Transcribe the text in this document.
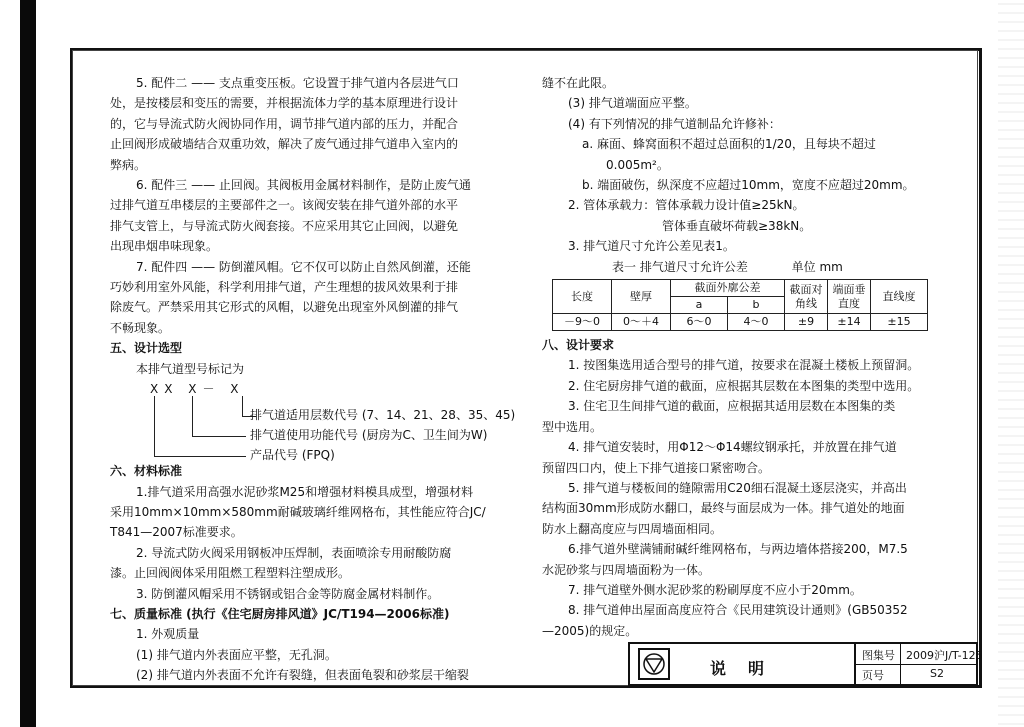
5. 配件二 —— 支点重变压板。它设置于排气道内各层进气口

处，是按楼层和变压的需要，并根据流体力学的基本原理进行设计

的，它与导流式防火阀协同作用，调节排气道内部的压力，并配合

止回阀形成破墙结合双重功效，解决了废气通过排气道串入室内的

弊病。

6. 配件三 —— 止回阀。其阀板用金属材料制作，是防止废气通

过排气道互串楼层的主要部件之一。该阀安装在排气道外部的水平

排气支管上，与导流式防火阀套接。不应采用其它止回阀，以避免

出现串烟串味现象。

7. 配件四 —— 防倒灌风帽。它不仅可以防止自然风倒灌，还能

巧妙利用室外风能，科学利用排气道，产生理想的拔风效果利于排

除废气。严禁采用其它形式的风帽，以避免出现室外风倒灌的排气

不畅现象。

五、设计选型

本排气道型号标记为

XX X－ X
排气道适用层数代号 (7、14、21、28、35、45)
排气道使用功能代号 (厨房为C、卫生间为W)
产品代号 (FPQ)

六、材料标准

1.排气道采用高强水泥砂浆M25和增强材料模具成型，增强材料

采用10mm×10mm×580mm耐碱玻璃纤维网格布，其性能应符合JC/

T841—2007标准要求。

2. 导流式防火阀采用钢板冲压焊制，表面喷涂专用耐酸防腐

漆。止回阀阀体采用阻燃工程塑料注塑成形。

3. 防倒灌风帽采用不锈钢或铝合金等防腐金属材料制作。

七、质量标准 (执行《住宅厨房排风道》JC/T194—2006标准)

1. 外观质量

(1) 排气道内外表面应平整，无孔洞。

(2) 排气道内外表面不允许有裂缝，但表面龟裂和砂浆层干缩裂

缝不在此限。

(3) 排气道端面应平整。

(4) 有下列情况的排气道制品允许修补：

a. 麻面、蜂窝面积不超过总面积的1/20，且每块不超过

0.005m²。

b. 端面破伤，纵深度不应超过10mm，宽度不应超过20mm。

2. 管体承载力：管体承载力设计值≥25kN。

管体垂直破坏荷载≥38kN。

3. 排气道尺寸允许公差见表1。

表一 排气道尺寸允许公差	单位 mm

长度	壁厚	截面外廓公差		截面对角线	端面垂直度	直线度
		a	b			
－9～0	0～＋4	6～0	4～0	±9	±14	±15

八、设计要求

1. 按图集选用适合型号的排气道，按要求在混凝土楼板上预留洞。

2. 住宅厨房排气道的截面，应根据其层数在本图集的类型中选用。

3. 住宅卫生间排气道的截面，应根据其适用层数在本图集的类

型中选用。

4. 排气道安装时，用Φ12～Φ14螺纹钢承托，并放置在排气道

预留四口内，使上下排气道接口紧密吻合。

5. 排气道与楼板间的缝隙需用C20细石混凝土逐层浇实，并高出

结构面30mm形成防水翻口，最终与面层成为一体。排气道处的地面

防水上翻高度应与四周墙面相同。

6.排气道外壁满铺耐碱纤维网格布，与两边墙体搭接200，M7.5

水泥砂浆与四周墙面粉为一体。

7. 排气道壁外侧水泥砂浆的粉刷厚度不应小于20mm。

8. 排气道伸出屋面高度应符合《民用建筑设计通则》(GB50352

—2005)的规定。

说明
图集号 2009沪J/T-125
页号	S2
